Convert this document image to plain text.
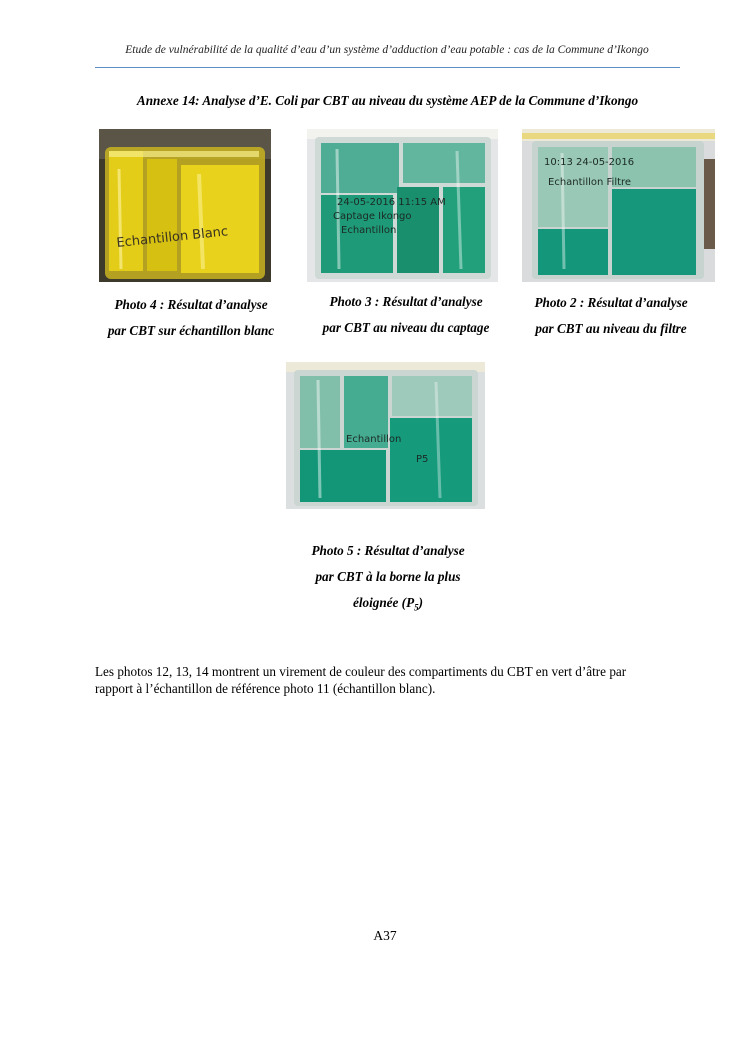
Etude de vulnérabilité de la qualité d’eau d’un système d’adduction d’eau potable : cas de la Commune d’Ikongo
Annexe 14: Analyse d’E. Coli par CBT au niveau du système AEP de la Commune d’Ikongo
Echantillon Blanc
24-05-2016 11:15 AM
Captage Ikongo
Echantillon
10:13 24-05-2016
Echantillon Filtre
Photo 4 : Résultat d’analyse
par CBT sur échantillon blanc
Photo 3 : Résultat d’analyse
par CBT au niveau du captage
Photo 2 : Résultat d’analyse
par CBT au niveau du filtre
Echantillon
P5
Photo 5 : Résultat d’analyse
par CBT à la borne la plus
éloignée $(P_5)$
Les photos 12, 13, 14 montrent un virement de couleur des compartiments du CBT en vert d’âtre par rapport à l’échantillon de référence photo 11 (échantillon blanc).
A37
